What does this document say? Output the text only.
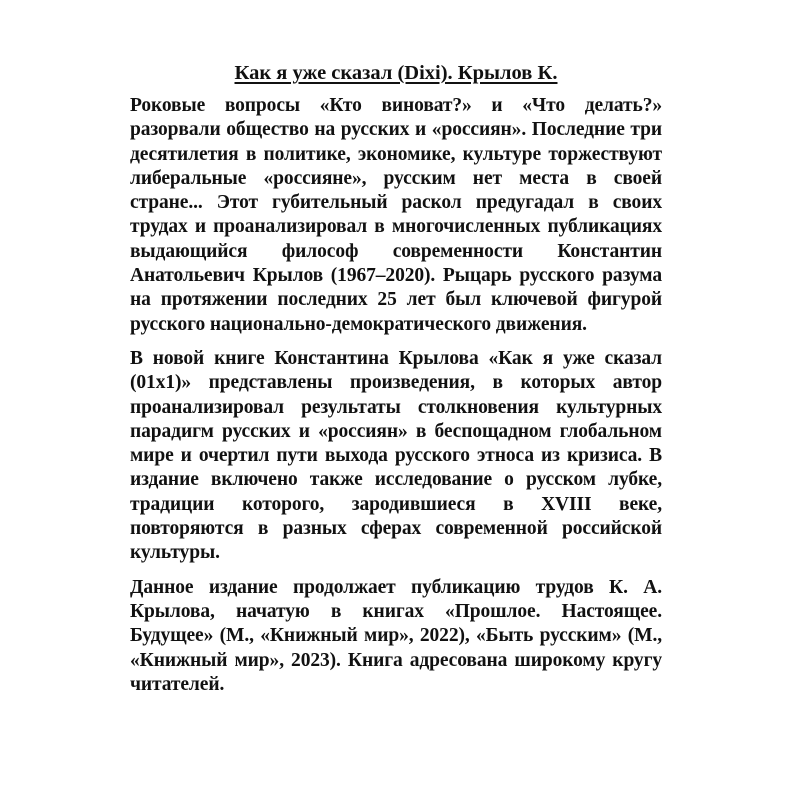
Как я уже сказал (Dixi). Крылов К.

Роковые вопросы «Кто виноват?» и «Что делать?» разорвали общество на русских и «россиян». Последние три десятилетия в политике, экономике, культуре торжествуют либеральные «россияне», русским нет места в своей стране... Этот губительный раскол предугадал в своих трудах и проанализировал в многочисленных публикациях выдающийся философ современности Константин Анатольевич Крылов (1967–2020). Рыцарь русского разума на протяжении последних 25 лет был ключевой фигурой русского национально-демократического движения.

В новой книге Константина Крылова «Как я уже сказал (01x1)» представлены произведения, в которых автор проанализировал результаты столкновения культурных парадигм русских и «россиян» в беспощадном глобальном мире и очертил пути выхода русского этноса из кризиса. В издание включено также исследование о русском лубке, традиции которого, зародившиеся в XVIII веке, повторяются в разных сферах современной российской культуры.

Данное издание продолжает публикацию трудов К. А. Крылова, начатую в книгах «Прошлое. Настоящее. Будущее» (М., «Книжный мир», 2022), «Быть русским» (М., «Книжный мир», 2023). Книга адресована широкому кругу читателей.
